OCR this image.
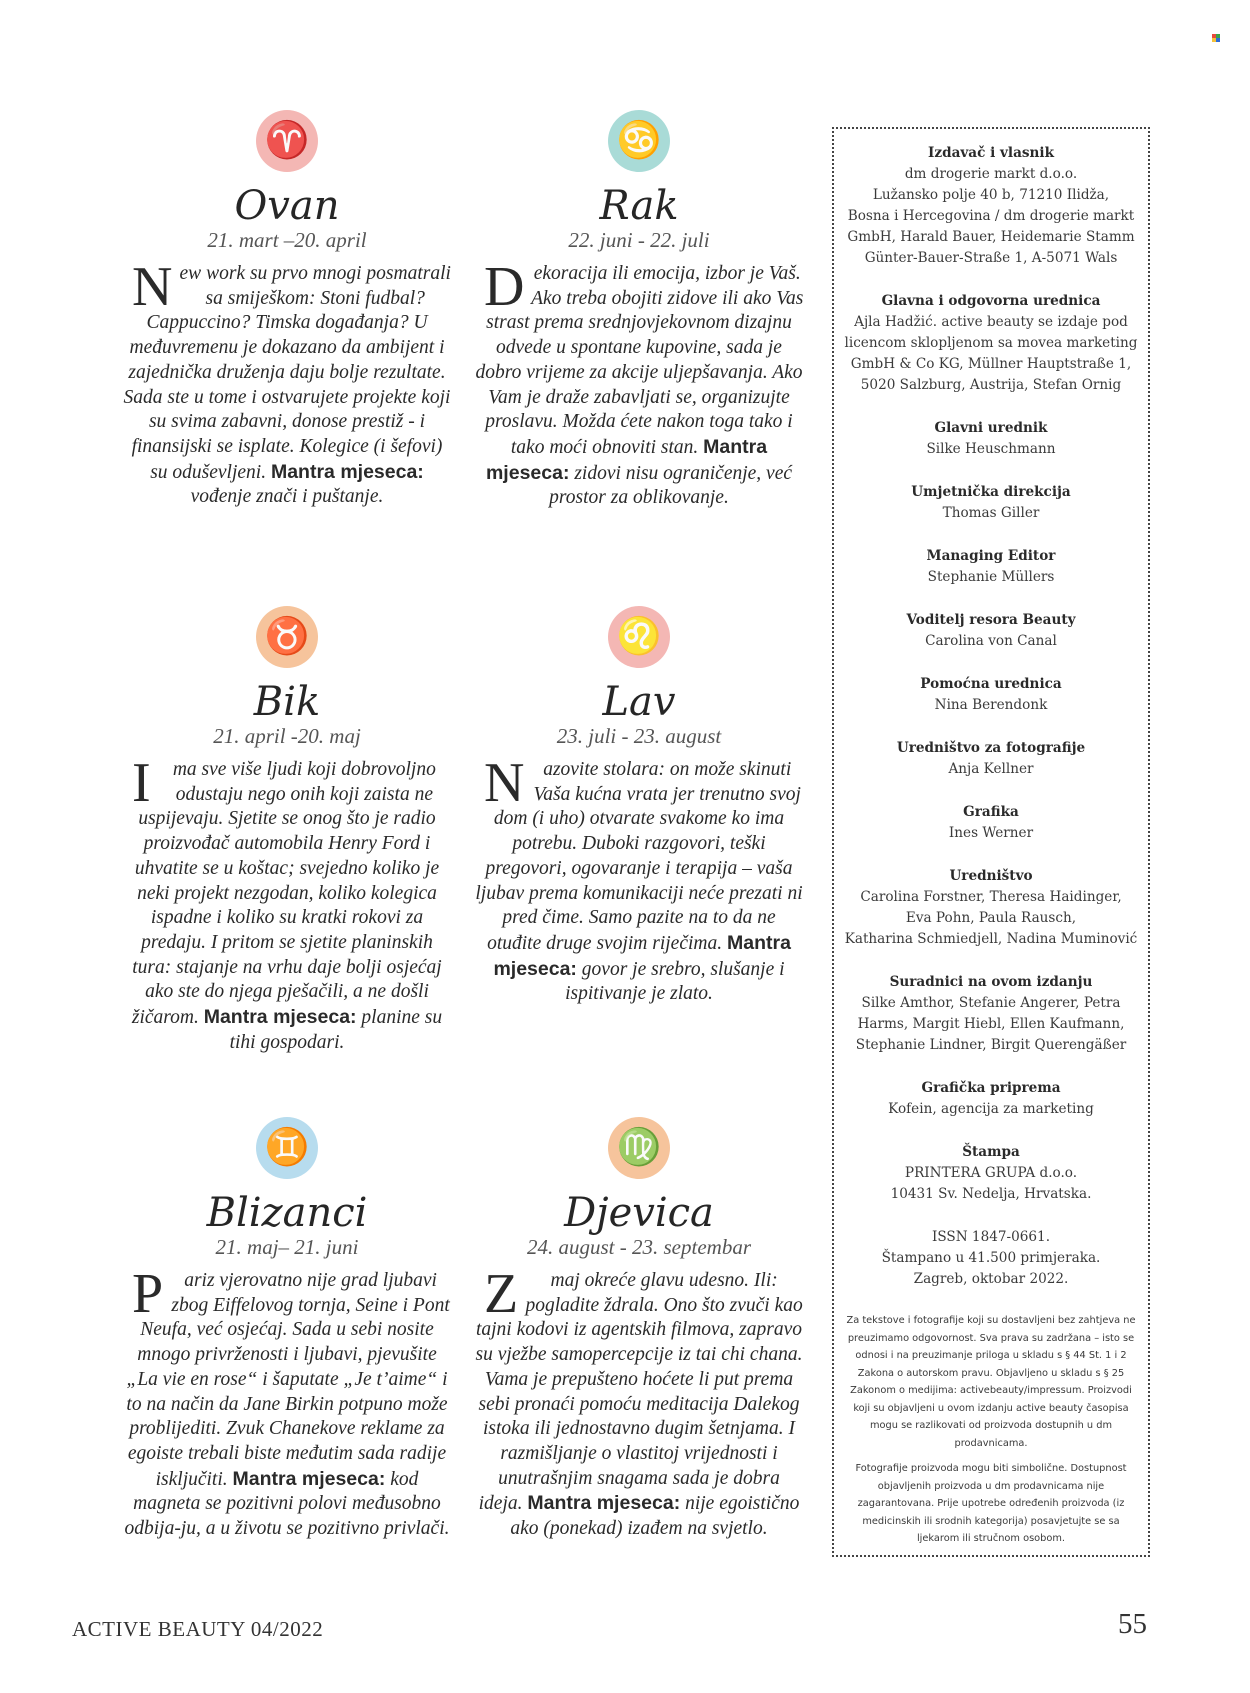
♈
Ovan
21. mart –20. april
New work su prvo mnogi posmatrali sa smiješkom: Stoni fudbal? Cappuccino? Timska događanja? U međuvremenu je dokazano da ambijent i zajednička druženja daju bolje rezultate. Sada ste u tome i ostvarujete projekte koji su svima zabavni, donose prestiž - i finansijski se isplate. Kolegice (i šefovi) su oduševljeni. Mantra mjeseca: vođenje znači i puštanje.
♉
Bik
21. april -20. maj
I ma sve više ljudi koji dobrovoljno odustaju nego onih koji zaista ne uspijevaju. Sjetite se onog što je radio proizvođač automobila Henry Ford i uhvatite se u koštac; svejedno koliko je neki projekt nezgodan, koliko kolegica ispadne i koliko su kratki rokovi za predaju. I pritom se sjetite planinskih tura: stajanje na vrhu daje bolji osjećaj ako ste do njega pješačili, a ne došli žičarom. Mantra mjeseca: planine su tihi gospodari.
♊
Blizanci
21. maj– 21. juni
P ariz vjerovatno nije grad ljubavi zbog Eiffelovog tornja, Seine i Pont Neufa, već osjećaj. Sada u sebi nosite mnogo privrženosti i ljubavi, pjevušite „La vie en rose“ i šaputate „Je t’aime“ i to na način da Jane Birkin potpuno može problijediti. Zvuk Chanekove reklame za egoiste trebali biste međutim sada radije isključiti. Mantra mjeseca: kod magneta se pozitivni polovi međusobno odbija-ju, a u životu se pozitivno privlači.
♋
Rak
22. juni - 22. juli
Dekoracija ili emocija, izbor je Vaš. Ako treba obojiti zidove ili ako Vas strast prema srednjovjekovnom dizajnu odvede u spontane kupovine, sada je dobro vrijeme za akcije uljepšavanja. Ako Vam je draže zabavljati se, organizujte proslavu. Možda ćete nakon toga tako i tako moći obnoviti stan. Mantra mjeseca: zidovi nisu ograničenje, već prostor za oblikovanje.
♌
Lav
23. juli - 23. august
Nazovite stolara: on može skinuti Vaša kućna vrata jer trenutno svoj dom (i uho) otvarate svakome ko ima potrebu. Duboki razgovori, teški pregovori, ogovaranje i terapija – vaša ljubav prema komunikaciji neće prezati ni pred čime. Samo pazite na to da ne otuđite druge svojim riječima. Mantra mjeseca: govor je srebro, slušanje i ispitivanje je zlato.
♍
Djevica
24. august - 23. septembar
Z maj okreće glavu udesno. Ili: pogladite ždrala. Ono što zvuči kao tajni kodovi iz agentskih filmova, zapravo su vježbe samopercepcije iz tai chi chana. Vama je prepušteno hoćete li put prema sebi pronaći pomoću meditacija Dalekog istoka ili jednostavno dugim šetnjama. I razmišljanje o vlastitoj vrijednosti i unutrašnjim snagama sada je dobra ideja. Mantra mjeseca: nije egoistično ako (ponekad) izađem na svjetlo.
Izdavač i vlasnik
dm drogerie markt d.o.o.
Lužansko polje 40 b, 71210 Ilidža,
Bosna i Hercegovina / dm drogerie markt
GmbH, Harald Bauer, Heidemarie Stamm
Günter-Bauer-Straße 1, A-5071 Wals
Glavna i odgovorna urednica
Ajla Hadžić. active beauty se izdaje pod
licencom sklopljenom sa movea marketing
GmbH & Co KG, Müllner Hauptstraße 1,
5020 Salzburg, Austrija, Stefan Ornig
Glavni urednik
Silke Heuschmann
Umjetnička direkcija
Thomas Giller
Managing Editor
Stephanie Müllers
Voditelj resora Beauty
Carolina von Canal
Pomoćna urednica
Nina Berendonk
Uredništvo za fotografije
Anja Kellner
Grafika
Ines Werner
Uredništvo
Carolina Forstner, Theresa Haidinger,
Eva Pohn, Paula Rausch,
Katharina Schmiedjell, Nadina Muminović
Suradnici na ovom izdanju
Silke Amthor, Stefanie Angerer, Petra
Harms, Margit Hiebl, Ellen Kaufmann,
Stephanie Lindner, Birgit Querengäßer
Grafička priprema
Kofein, agencija za marketing
Štampa
PRINTERA GRUPA d.o.o.
10431 Sv. Nedelja, Hrvatska.
ISSN 1847-0661.
Štampano u 41.500 primjeraka.
Zagreb, oktobar 2022.
Za tekstove i fotografije koji su dostavljeni bez zahtjeva ne preuzimamo odgovornost. Sva prava su zadržana – isto se odnosi i na preuzimanje priloga u skladu s § 44 St. 1 i 2 Zakona o autorskom pravu. Objavljeno u skladu s § 25 Zakonom o medijima: activebeauty/impressum. Proizvodi koji su objavljeni u ovom izdanju active beauty časopisa mogu se razlikovati od proizvoda dostupnih u dm prodavnicama.
Fotografije proizvoda mogu biti simbolične. Dostupnost objavljenih proizvoda u dm prodavnicama nije zagarantovana. Prije upotrebe određenih proizvoda (iz medicinskih ili srodnih kategorija) posavjetujte se sa ljekarom ili stručnom osobom.
ACTIVE BEAUTY 04/2022	55
